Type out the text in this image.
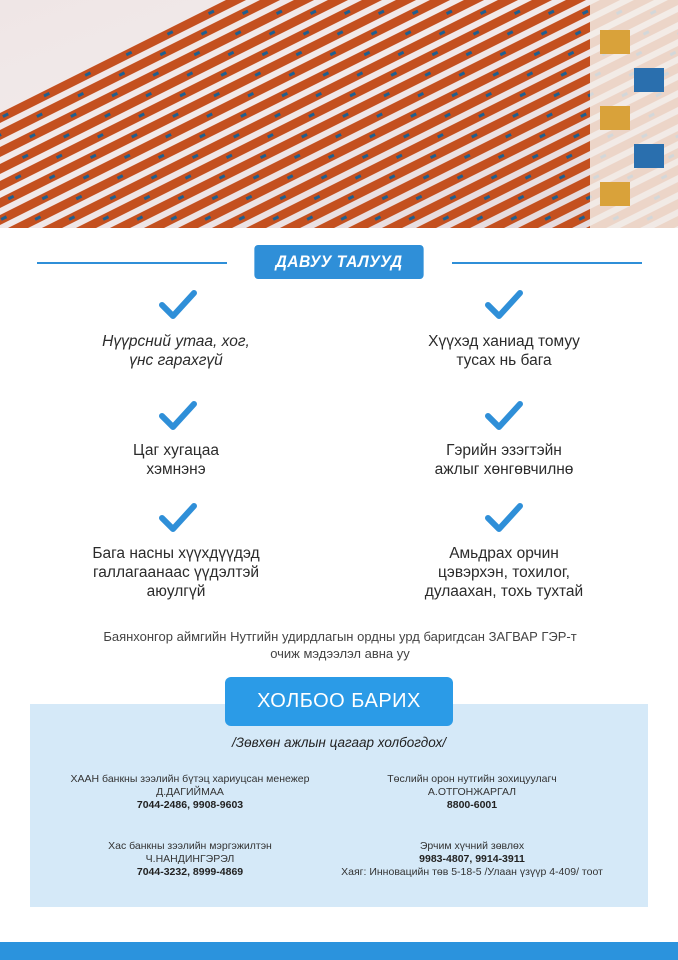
ДАВУУ ТАЛУУД
Нүүрсний утаа, хог,
үнс гарахгүй
Хүүхэд ханиад томуу
тусах нь бага
Цаг хугацаа
хэмнэнэ
Гэрийн эзэгтэйн
ажлыг хөнгөвчилнө
Бага насны хүүхдүүдэд
галлагаанаас үүдэлтэй
аюулгүй
Амьдрах орчин
цэвэрхэн, тохилог,
дулаахан, тохь тухтай
Баянхонгор аймгийн Нутгийн удирдлагын ордны урд баригдсан ЗАГВАР ГЭР-т
очиж мэдээлэл авна уу
ХОЛБОО БАРИХ
/Зөвхөн ажлын цагаар холбогдох/
ХААН банкны зээлийн бүтэц хариуцсан менежер
Д.ДАГИЙМАА
7044-2486, 9908-9603
Төслийн орон нутгийн зохицуулагч
А.ОТГОНЖАРГАЛ
8800-6001
Хас банкны зээлийн мэргэжилтэн
Ч.НАНДИНГЭРЭЛ
7044-3232, 8999-4869
Эрчим хүчний зөвлөх
9983-4807, 9914-3911
Хаяг: Инновацийн төв 5-18-5 /Улаан үзүүр 4-409/ тоот
